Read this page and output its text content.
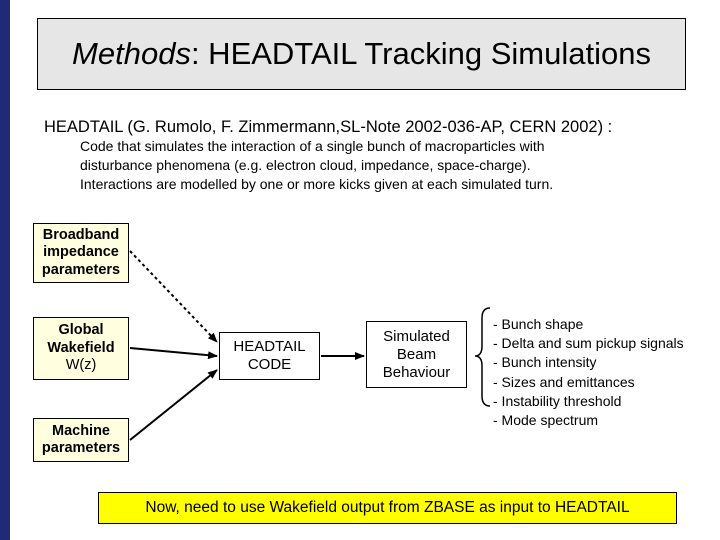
Methods : HEADTAIL Tracking Simulations
HEADTAIL (G. Rumolo, F. Zimmermann,SL-Note 2002-036-AP, CERN 2002) :
Code that simulates the interaction of a single bunch of macroparticles with
disturbance phenomena (e.g. electron cloud, impedance, space-charge).
Interactions are modelled by one or more kicks given at each simulated turn.
Broadband
impedance
parameters
Global
Wakefield
W(z)
Machine
parameters
HEADTAIL
CODE
Simulated
Beam
Behaviour
- Bunch shape
- Delta and sum pickup signals
- Bunch intensity
- Sizes and emittances
- Instability threshold
- Mode spectrum
Now, need to use Wakefield output from ZBASE as input to HEADTAIL
